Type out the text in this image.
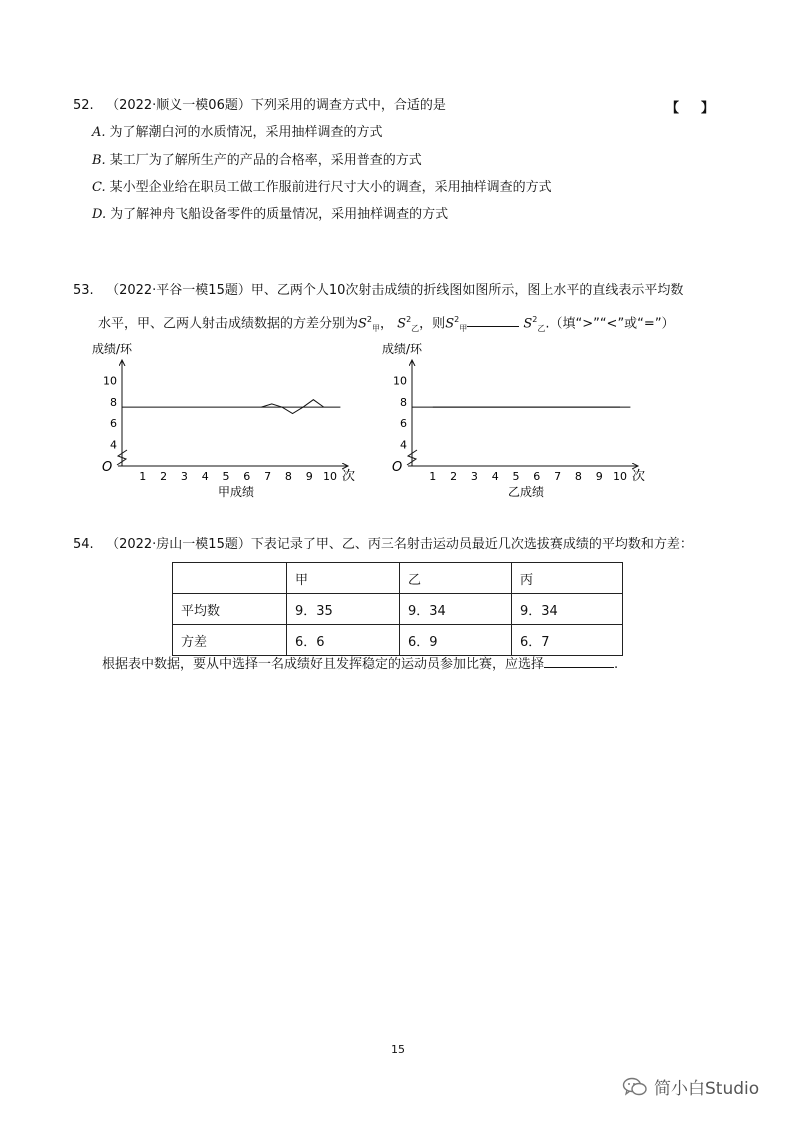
52. （2022·顺义一模06题）下列采用的调查方式中，合适的是	【 】
A. 为了解潮白河的水质情况，采用抽样调查的方式
B. 某工厂为了解所生产的产品的合格率，采用普查的方式
C. 某小型企业给在职员工做工作服前进行尺寸大小的调查，采用抽样调查的方式
D. 为了解神舟飞船设备零件的质量情况，采用抽样调查的方式
53. （2022·平谷一模15题）甲、乙两个人10次射击成绩的折线图如图所示，图上水平的直线表示平均数
水平，甲、乙两人射击成绩数据的方差分别为$S^2_甲$， $S^2_乙$，则$S^2_甲$	$S^2_乙$.（填“>”“<”或“=”）
成绩/环
O
次
甲成绩
1 2 3 4 5 6 7 8 9 10
4
6
8
10
成绩/环
O
次
乙成绩
1 2 3 4 5 6 7 8 9 10
4
6
8
10
54. （2022·房山一模15题）下表记录了甲、乙、丙三名射击运动员最近几次选拔赛成绩的平均数和方差：
	甲	乙	丙
平均数	9．35	9．34	9．34
方差	6．6	6．9	6．7
根据表中数据，要从中选择一名成绩好且发挥稳定的运动员参加比赛，应选择	.
15
简小白Studio
